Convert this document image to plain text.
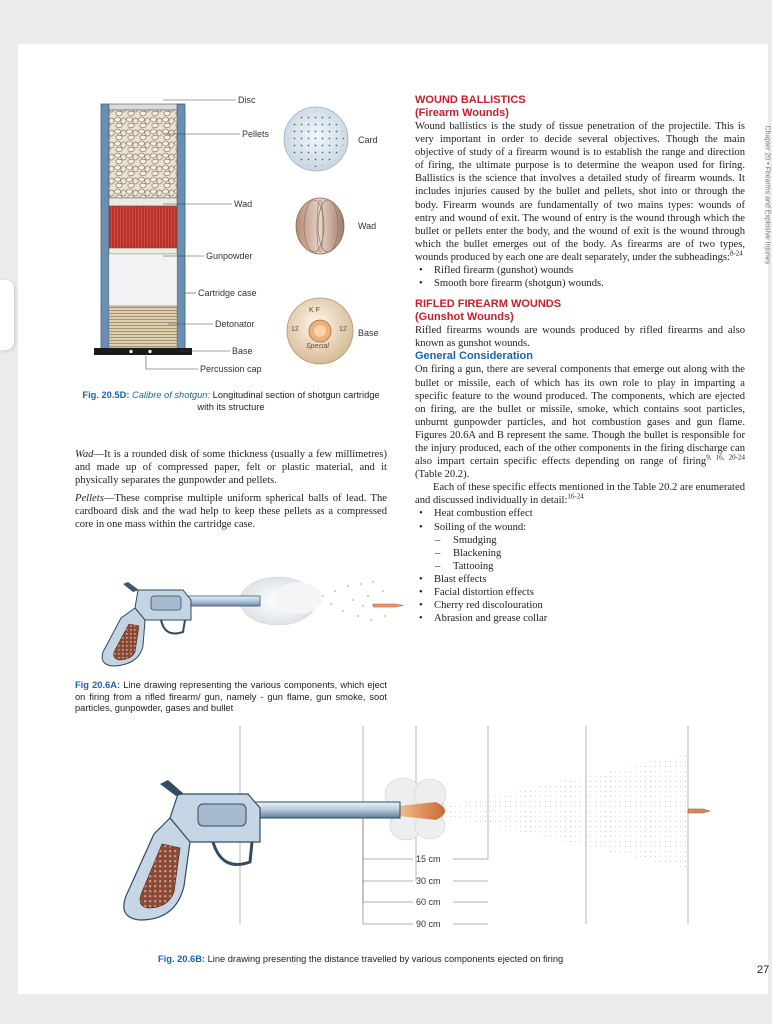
Disc
Pellets
Wad
Gunpowder
Cartridge case
Detonator
Base
Percussion cap
Card
Wad
Base
K F
12	12
Special
Fig. 20.5D: Calibre of shotgun: Longitudinal section of shotgun cartridge with its structure

Wad—It is a rounded disk of some thickness (usually a few millimetres) and made up of compressed paper, felt or plastic material, and it physically separates the gunpowder and pellets.

Pellets—These comprise multiple uniform spherical balls of lead. The cardboard disk and the wad help to keep these pellets as a compressed core in one mass within the cartridge case.

Fig 20.6A: Line drawing representing the various components, which eject on firing from a rifled firearm/ gun, namely - gun flame, gun smoke, soot particles, gunpowder, gases and bullet

WOUND BALLISTICS

(Firearm Wounds)

Wound ballistics is the study of tissue penetration of the projectile. This is very important in order to decide several objectives. Though the main objective of study of a firearm wound is to establish the range and direction of firing, the ultimate purpose is to determine the weapon used for firing. Ballistics is the science that involves a detailed study of firearm wounds. It includes injuries caused by the bullet and pellets, shot into or through the body. Firearm wounds are fundamentally of two mains types: wounds of entry and wound of exit. The wound of entry is the wound through which the bullet or pellets enter the body, and the wound of exit is the wound through which the bullet emerges out of the body. As firearms are of two types, wounds produced by each one are dealt separately, under the subheadings:$^{8-24}$

• Rifled firearm (gunshot) wounds
• Smooth bore firearm (shotgun) wounds.

RIFLED FIREARM WOUNDS

(Gunshot Wounds)

Rifled firearms wounds are wounds produced by rifled firearms and also known as gunshot wounds.

General Consideration

On firing a gun, there are several components that emerge out along with the bullet or missile, each of which has its own role to play in imparting a specific feature to the wound produced. The components, which are ejected on firing, are the bullet or missile, smoke, which contains soot particles, unburnt gunpowder particles, and hot combustion gases and gun flame. Figures 20.6A and B represent the same. Though the bullet is responsible for the injury produced, each of the other components in the firing discharge can also impart certain specific effects depending on range of firing$^{9, 16, 20-24}$ (Table 20.2).

Each of these specific effects mentioned in the Table 20.2 are enumerated and discussed individually in detail:$^{16-24}$

• Heat combustion effect
• Soiling of the wound:
– Smudging
– Blackening
– Tattooing
• Blast effects
• Facial distortion effects
• Cherry red discolouration
• Abrasion and grease collar
15 cm
30 cm
60 cm
90 cm
Fig. 20.6B: Line drawing presenting the distance travelled by various components ejected on firing
Chapter 20 • Firearms and Explosive Injuries
27
